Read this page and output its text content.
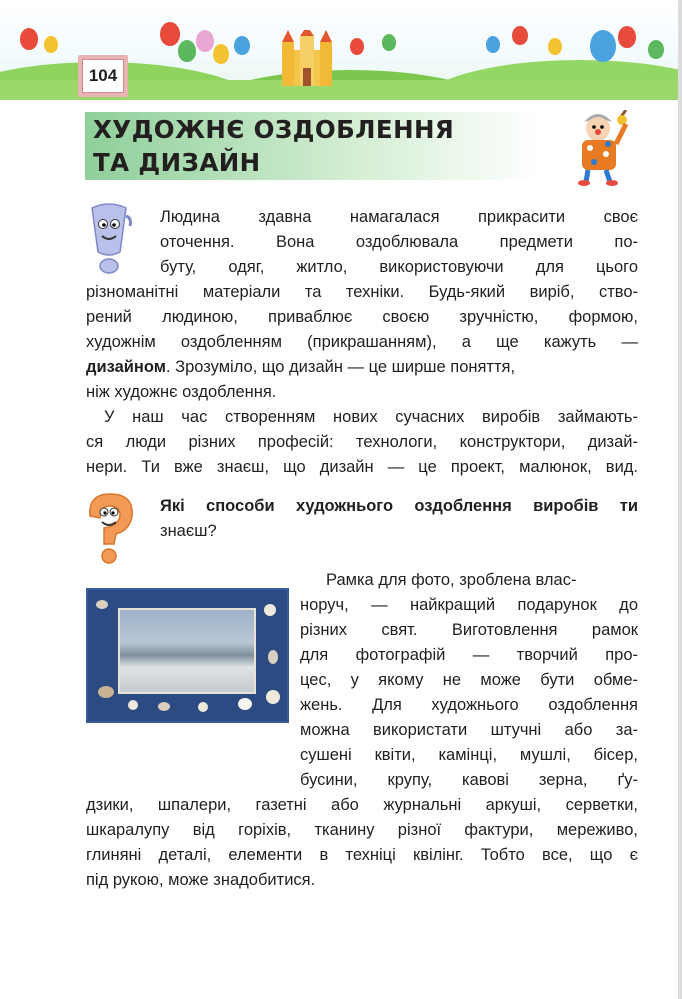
104
ХУДОЖНЄ ОЗДОБЛЕННЯ
ТА ДИЗАЙН
Людина здавна намагалася прикрасити своє
оточення. Вона оздоблювала предмети по-
буту, одяг, житло, використовуючи для цього
різноманітні матеріали та техніки. Будь-який виріб, ство-
рений людиною, приваблює своєю зручністю, формою,
художнім оздобленням (прикрашанням), а ще кажуть —
дизайном. Зрозуміло, що дизайн — це ширше поняття,
ніж художнє оздоблення.
У наш час створенням нових сучасних виробів займають-
ся люди різних професій: технологи, конструктори, дизай-
нери. Ти вже знаєш, що дизайн — це проект, малюнок, вид.
Які способи художнього оздоблення виробів ти
знаєш?
Рамка для фото, зроблена влас-
норуч, — найкращий подарунок до
різних свят. Виготовлення рамок
для фотографій — творчий про-
цес, у якому не може бути обме-
жень. Для художнього оздоблення
можна використати штучні або за-
сушені квіти, камінці, мушлі, бісер,
бусини, крупу, кавові зерна, ґу-
дзики, шпалери, газетні або журнальні аркуші, серветки,
шкаралупу від горіхів, тканину різної фактури, мереживо,
глиняні деталі, елементи в техніці квілінг. Тобто все, що є
під рукою, може знадобитися.
